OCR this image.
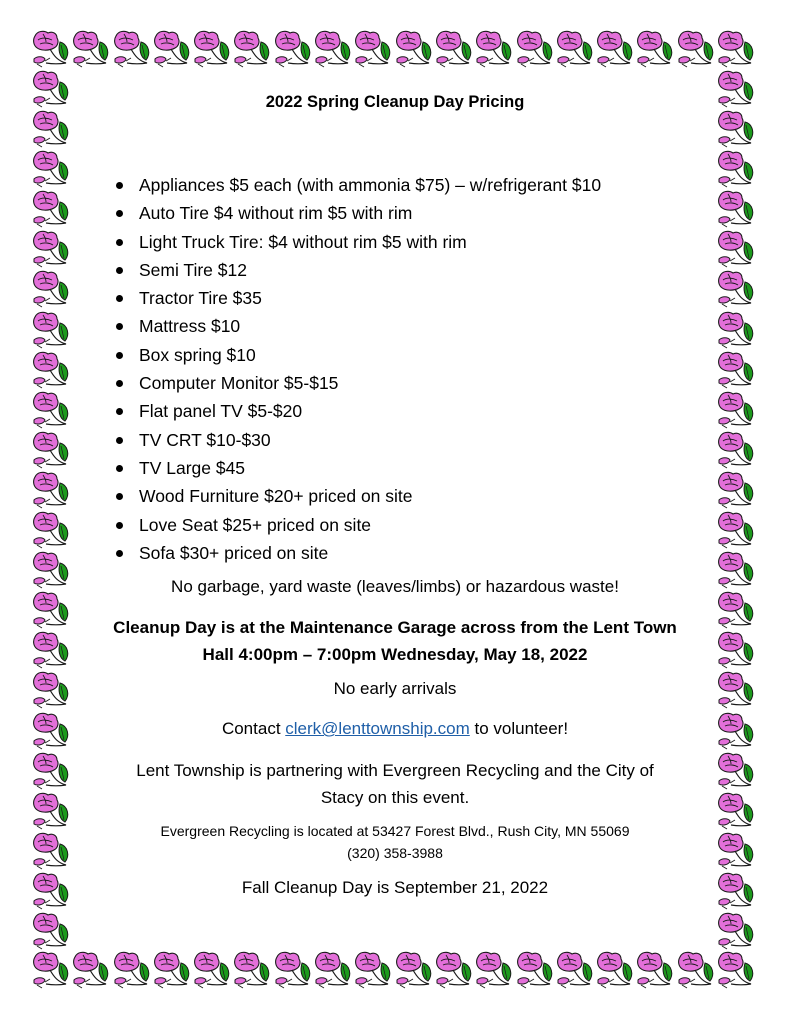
2022 Spring Cleanup Day Pricing
Appliances $5 each (with ammonia $75) – w/refrigerant $10
Auto Tire $4 without rim $5 with rim
Light Truck Tire: $4 without rim $5 with rim
Semi Tire $12
Tractor Tire $35
Mattress $10
Box spring $10
Computer Monitor $5-$15
Flat panel TV $5-$20
TV CRT $10-$30
TV Large $45
Wood Furniture $20+ priced on site
Love Seat $25+ priced on site
Sofa $30+ priced on site
No garbage, yard waste (leaves/limbs) or hazardous waste!
Cleanup Day is at the Maintenance Garage across from the Lent Town
Hall 4:00pm – 7:00pm Wednesday, May 18, 2022
No early arrivals
Contact clerk@lenttownship.com to volunteer!
Lent Township is partnering with Evergreen Recycling and the City of
Stacy on this event.
Evergreen Recycling is located at 53427 Forest Blvd., Rush City, MN 55069
(320) 358-3988
Fall Cleanup Day is September 21, 2022
